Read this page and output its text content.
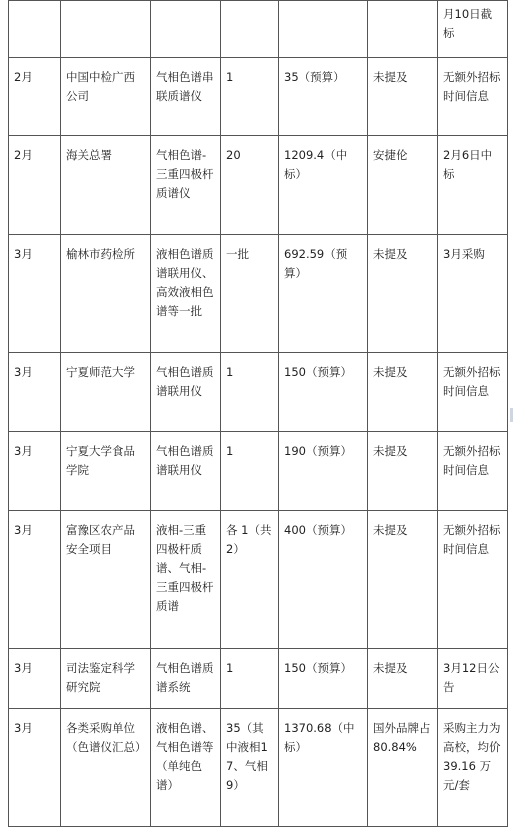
						月10日截标
2月	中国中检广西公司	气相色谱串联质谱仪	1	35（预算）	未提及	无额外招标时间信息
2月	海关总署	气相色谱-三重四极杆质谱仪	20	1209.4（中标）	安捷伦	2月6日中标
3月	榆林市药检所	液相色谱质谱联用仪、高效液相色谱等一批	一批	692.59（预算）	未提及	3月采购
3月	宁夏师范大学	气相色谱质谱联用仪	1	150（预算）	未提及	无额外招标时间信息
3月	宁夏大学食品学院	气相色谱质谱联用仪	1	190（预算）	未提及	无额外招标时间信息
3月	富豫区农产品安全项目	液相-三重四极杆质谱、气相-三重四极杆质谱	各 1（共 2）	400（预算）	未提及	无额外招标时间信息
3月	司法鉴定科学研究院	气相色谱质谱系统	1	150（预算）	未提及	3月12日公告
3月	各类采购单位（色谱仪汇总）	液相色谱、气相色谱等（单纯色谱）	35（其中液相17、气相 9）	1370.68（中标）	国外品牌占 80.84%	采购主力为高校，均价 39.16 万元/套
